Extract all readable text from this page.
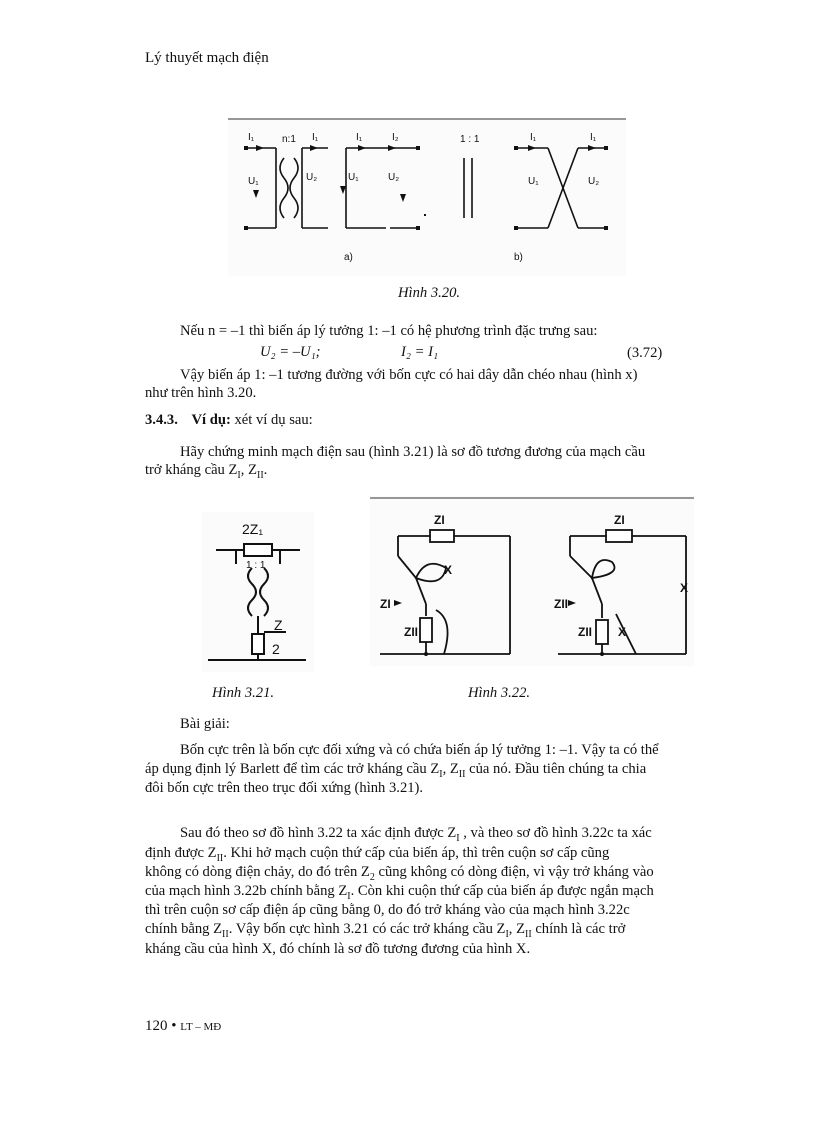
Lý thuyết mạch điện
I₁	n:1 I₁	I₁	I₂
U₁	U₂	U₁	U₂
1 : 1	I₁	I₁
U₁	U₂
a)	b)
Hình 3.20.
Nếu n = –1 thì biến áp lý tưởng 1: –1 có hệ phương trình đặc trưng sau:
U₂ = –U₁;	I₂ = I₁	(3.72)
Vậy biến áp 1: –1 tương đường với bốn cực có hai dây dẫn chéo nhau (hình x)
như trên hình 3.20.
3.4.3. Ví dụ: xét ví dụ sau:
Hãy chứng minh mạch điện sau (hình 3.21) là sơ đồ tương đương của mạch cầu
trở kháng cầu $Z_I$, $Z_{II}$.
2Z₁
1 : 1
Z
2
ZI
X
ZI
ZII
ZI
X
ZII
ZII X
Hình 3.21.	Hình 3.22.
Bài giải:
Bốn cực trên là bốn cực đối xứng và có chứa biến áp lý tưởng 1: –1. Vậy ta có thể
áp dụng định lý Barlett để tìm các trở kháng cầu $Z_I$, $Z_{II}$ của nó. Đầu tiên chúng ta chia
đôi bốn cực trên theo trục đối xứng (hình 3.21).
Sau đó theo sơ đồ hình 3.22 ta xác định được $Z_I$ , và theo sơ đồ hình 3.22c ta xác
định được $Z_{II}$. Khi hở mạch cuộn thứ cấp của biến áp, thì trên cuộn sơ cấp cũng
không có dòng điện chảy, do đó trên $Z_2$ cũng không có dòng điện, vì vậy trở kháng vào
của mạch hình 3.22b chính bằng $Z_I$. Còn khi cuộn thứ cấp của biến áp được ngắn mạch
thì trên cuộn sơ cấp điện áp cũng bằng 0, do đó trở kháng vào của mạch hình 3.22c
chính bằng $Z_{II}$. Vậy bốn cực hình 3.21 có các trở kháng cầu $Z_I$, $Z_{II}$ chính là các trở
kháng cầu của hình X, đó chính là sơ đồ tương đương của hình X.
120 • LT – MĐ
